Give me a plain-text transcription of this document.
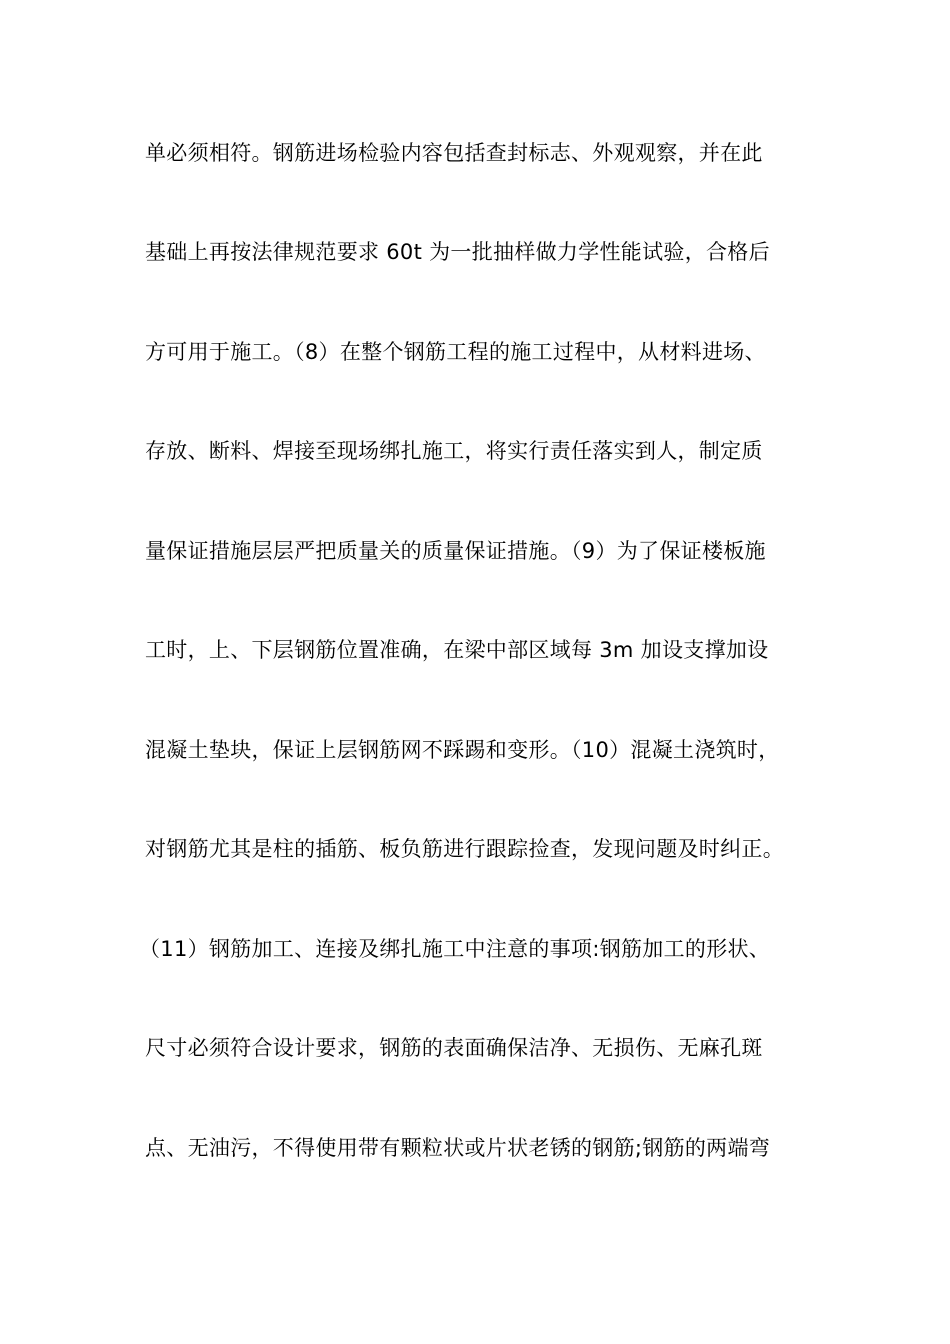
单必须相符。钢筋进场检验内容包括查封标志、外观观察，并在此
基础上再按法律规范要求 60t 为一批抽样做力学性能试验，合格后
方可用于施工。（8）在整个钢筋工程的施工过程中，从材料进场、
存放、断料、焊接至现场绑扎施工，将实行责任落实到人，制定质
量保证措施层层严把质量关的质量保证措施。（9）为了保证楼板施
工时，上、下层钢筋位置准确，在梁中部区域每 3m 加设支撑加设
混凝土垫块，保证上层钢筋网不踩踢和变形。（10）混凝土浇筑时，
对钢筋尤其是柱的插筋、板负筋进行跟踪捡查，发现问题及时纠正。
（11）钢筋加工、连接及绑扎施工中注意的事项:钢筋加工的形状、
尺寸必须符合设计要求，钢筋的表面确保洁净、无损伤、无麻孔斑
点、无油污，不得使用带有颗粒状或片状老锈的钢筋;钢筋的两端弯
